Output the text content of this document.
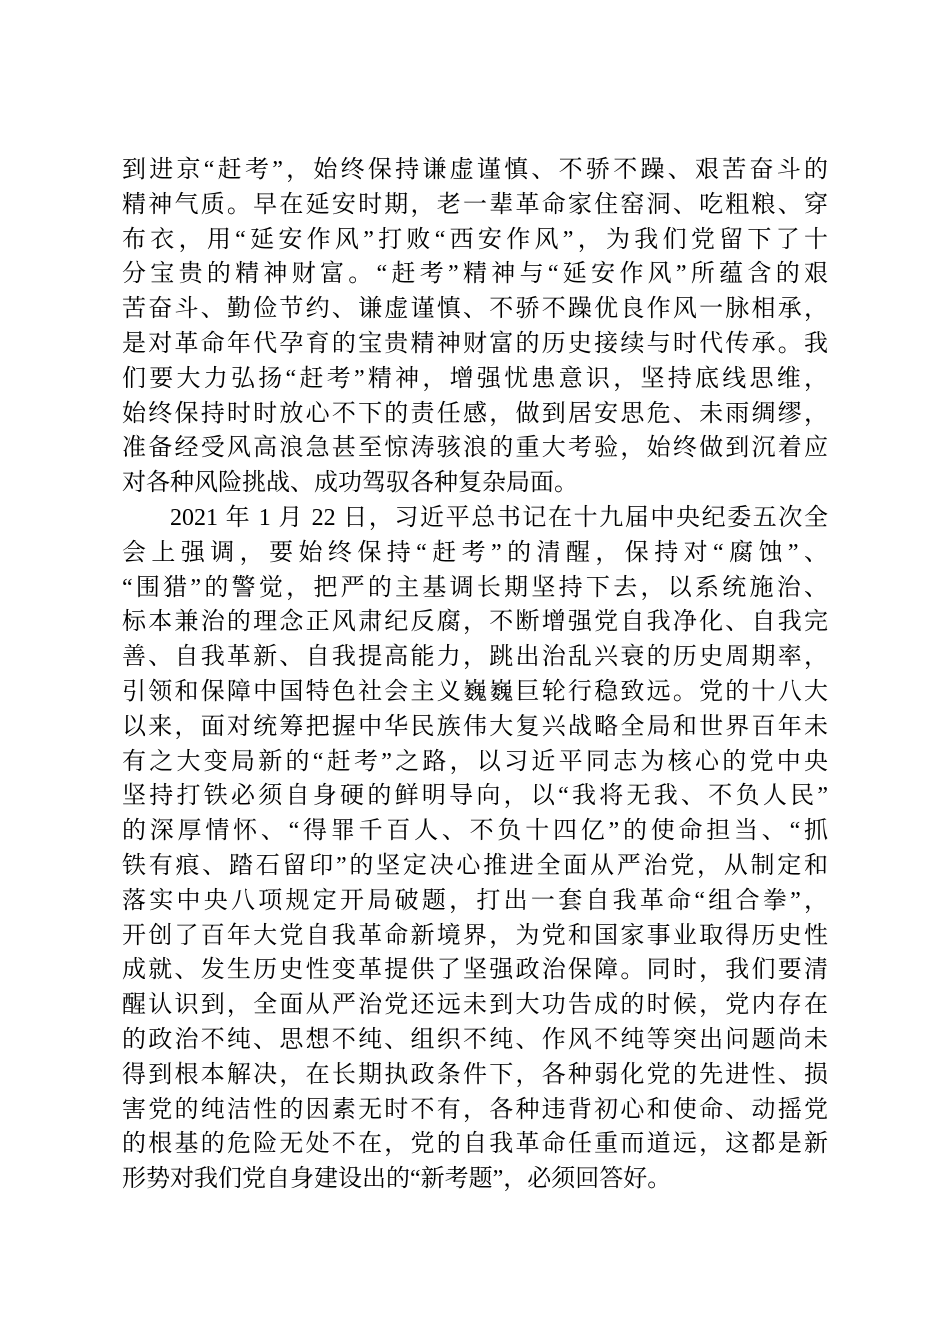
到进京“赶考”，始终保持谦虚谨慎、不骄不躁、艰苦奋斗的
精神气质。早在延安时期，老一辈革命家住窑洞、吃粗粮、穿
布衣，用“延安作风”打败“西安作风”，为我们党留下了十
分宝贵的精神财富。“赶考”精神与“延安作风”所蕴含的艰
苦奋斗、勤俭节约、谦虚谨慎、不骄不躁优良作风一脉相承，
是对革命年代孕育的宝贵精神财富的历史接续与时代传承。我
们要大力弘扬“赶考”精神，增强忧患意识，坚持底线思维，
始终保持时时放心不下的责任感，做到居安思危、未雨绸缪，
准备经受风高浪急甚至惊涛骇浪的重大考验，始终做到沉着应
对各种风险挑战、成功驾驭各种复杂局面。
2021 年 1 月 22 日，习近平总书记在十九届中央纪委五次全
会上强调，要始终保持“赶考”的清醒，保持对“腐蚀”、
“围猎”的警觉，把严的主基调长期坚持下去，以系统施治、
标本兼治的理念正风肃纪反腐，不断增强党自我净化、自我完
善、自我革新、自我提高能力，跳出治乱兴衰的历史周期率，
引领和保障中国特色社会主义巍巍巨轮行稳致远。党的十八大
以来，面对统筹把握中华民族伟大复兴战略全局和世界百年未
有之大变局新的“赶考”之路，以习近平同志为核心的党中央
坚持打铁必须自身硬的鲜明导向，以“我将无我、不负人民”
的深厚情怀、“得罪千百人、不负十四亿”的使命担当、“抓
铁有痕、踏石留印”的坚定决心推进全面从严治党，从制定和
落实中央八项规定开局破题，打出一套自我革命“组合拳”，
开创了百年大党自我革命新境界，为党和国家事业取得历史性
成就、发生历史性变革提供了坚强政治保障。同时，我们要清
醒认识到，全面从严治党还远未到大功告成的时候，党内存在
的政治不纯、思想不纯、组织不纯、作风不纯等突出问题尚未
得到根本解决，在长期执政条件下，各种弱化党的先进性、损
害党的纯洁性的因素无时不有，各种违背初心和使命、动摇党
的根基的危险无处不在，党的自我革命任重而道远，这都是新
形势对我们党自身建设出的“新考题”，必须回答好。
